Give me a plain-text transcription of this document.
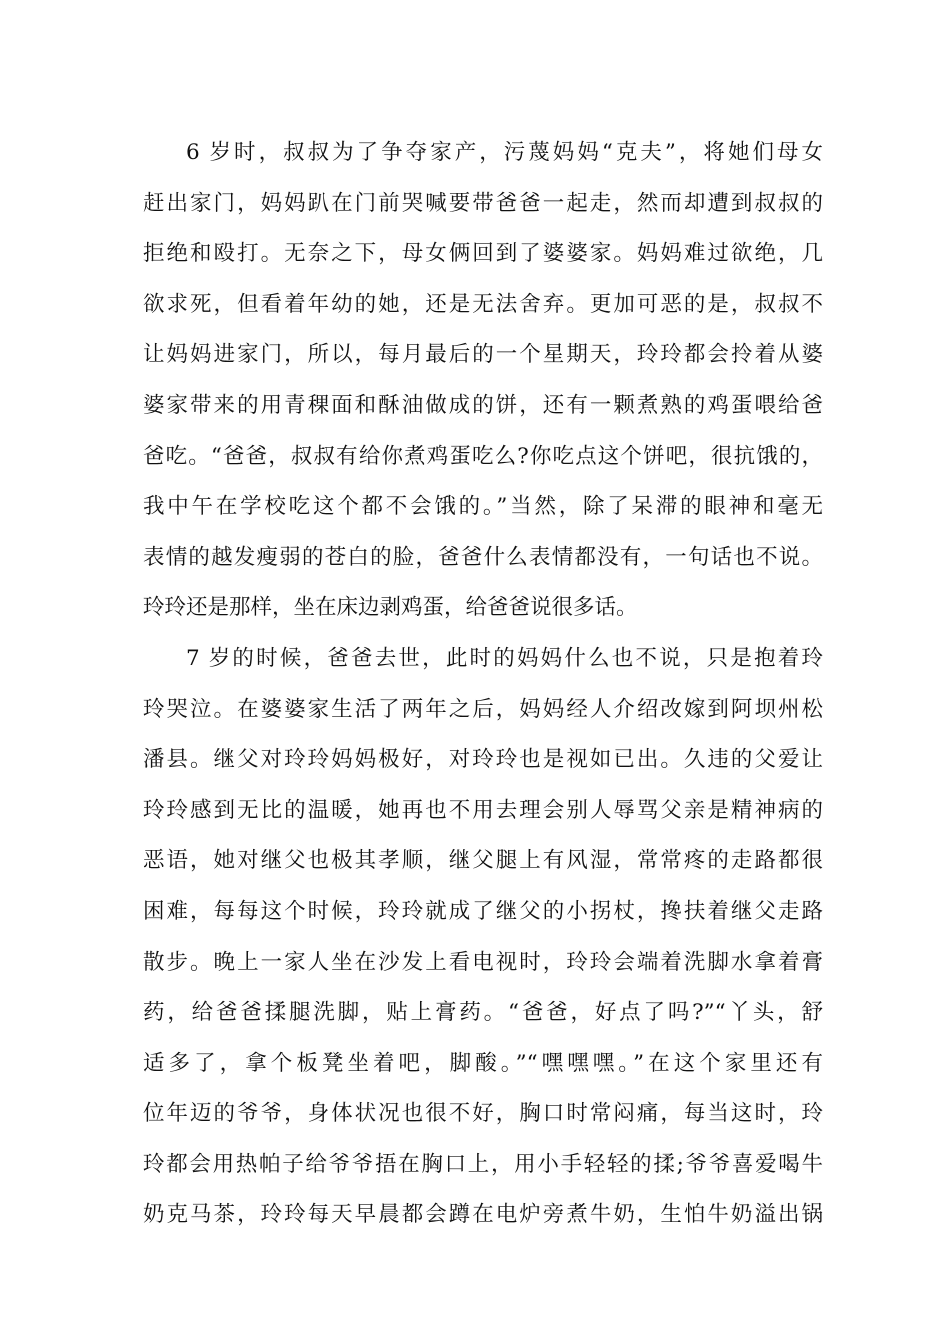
6 岁时，叔叔为了争夺家产，污蔑妈妈“克夫”，将她们母女
赶出家门，妈妈趴在门前哭喊要带爸爸一起走，然而却遭到叔叔的
拒绝和殴打。无奈之下，母女俩回到了婆婆家。妈妈难过欲绝，几
欲求死，但看着年幼的她，还是无法舍弃。更加可恶的是，叔叔不
让妈妈进家门，所以，每月最后的一个星期天，玲玲都会拎着从婆
婆家带来的用青稞面和酥油做成的饼，还有一颗煮熟的鸡蛋喂给爸
爸吃。“爸爸，叔叔有给你煮鸡蛋吃么?你吃点这个饼吧，很抗饿的，
我中午在学校吃这个都不会饿的。”当然，除了呆滞的眼神和毫无
表情的越发瘦弱的苍白的脸，爸爸什么表情都没有，一句话也不说。
玲玲还是那样，坐在床边剥鸡蛋，给爸爸说很多话。
7 岁的时候，爸爸去世，此时的妈妈什么也不说，只是抱着玲
玲哭泣。在婆婆家生活了两年之后，妈妈经人介绍改嫁到阿坝州松
潘县。继父对玲玲妈妈极好，对玲玲也是视如已出。久违的父爱让
玲玲感到无比的温暖，她再也不用去理会别人辱骂父亲是精神病的
恶语，她对继父也极其孝顺，继父腿上有风湿，常常疼的走路都很
困难，每每这个时候，玲玲就成了继父的小拐杖，搀扶着继父走路
散步。晚上一家人坐在沙发上看电视时，玲玲会端着洗脚水拿着膏
药，给爸爸揉腿洗脚，贴上膏药。“爸爸，好点了吗?”“丫头，舒
适多了，拿个板凳坐着吧，脚酸。”“嘿嘿嘿。”在这个家里还有
位年迈的爷爷，身体状况也很不好，胸口时常闷痛，每当这时，玲
玲都会用热帕子给爷爷捂在胸口上，用小手轻轻的揉;爷爷喜爱喝牛
奶克马茶，玲玲每天早晨都会蹲在电炉旁煮牛奶，生怕牛奶溢出锅
